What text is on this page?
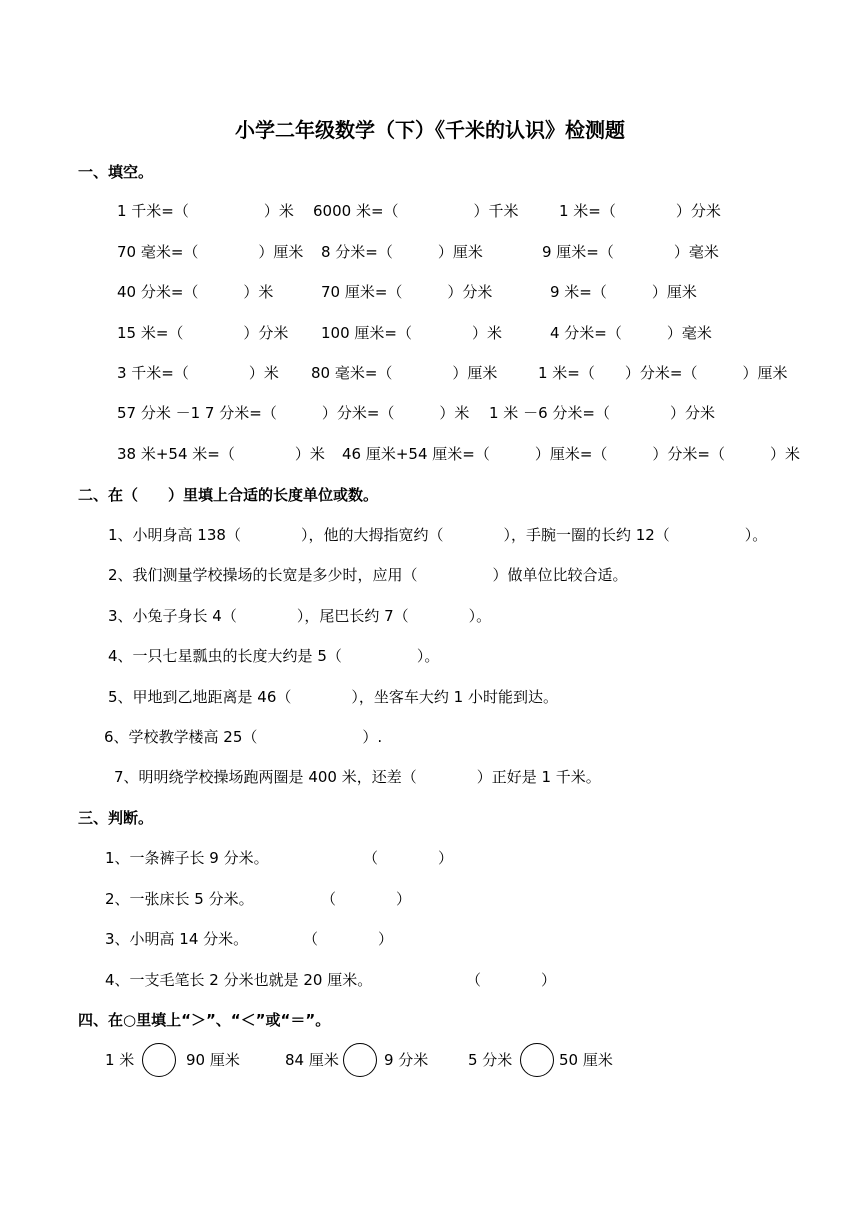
小学二年级数学（下）《千米的认识》检测题
一、填空。
1 千米=（　　　　　）米 6000 米=（　　　　　）千米	1 米=（　　　　）分米
70 毫米=（　　　　）厘米 8 分米=（　　　）厘米	9 厘米=（　　　　）毫米
40 分米=（　　　）米	70 厘米=（　　　）分米	9 米=（　　　）厘米
15 米=（　　　　）分米 100 厘米=（　　　　）米	4 分米=（　　　）毫米
3 千米=（　　　　）米 80 毫米=（　　　　）厘米	1 米=（　　）分米=（　　　）厘米
57 分米 －1 7 分米=（　　　）分米=（　　　）米 1 米 －6 分米=（　　　　）分米
38 米+54 米=（　　　　）米 46 厘米+54 厘米=（　　　）厘米=（　　　）分米=（　　　）米
二、在（　　）里填上合适的长度单位或数。
1、小明身高 138（　　　　），他的大拇指宽约（　　　　），手腕一圈的长约 12（　　　　　）。
2、我们测量学校操场的长宽是多少时，应用（　　　　　）做单位比较合适。
3、小兔子身长 4（　　　　），尾巴长约 7（　　　　）。
4、一只七星瓢虫的长度大约是 5（　　　　　）。
5、甲地到乙地距离是 46（　　　　），坐客车大约 1 小时能到达。
6、学校教学楼高 25（　　　　　　　）.
7、明明绕学校操场跑两圈是 400 米，还差（　　　　）正好是 1 千米。
三、判断。
1、一条裤子长 9 分米。	（　　　　）
2、一张床长 5 分米。	（　　　　）
3、小明高 14 分米。	（　　　　）
4、一支毛笔长 2 分米也就是 20 厘米。	（　　　　）
四、在○里填上“＞”、“＜”或“＝”。
1 米	90 厘米	84 厘米	9 分米	5 分米	50 厘米
